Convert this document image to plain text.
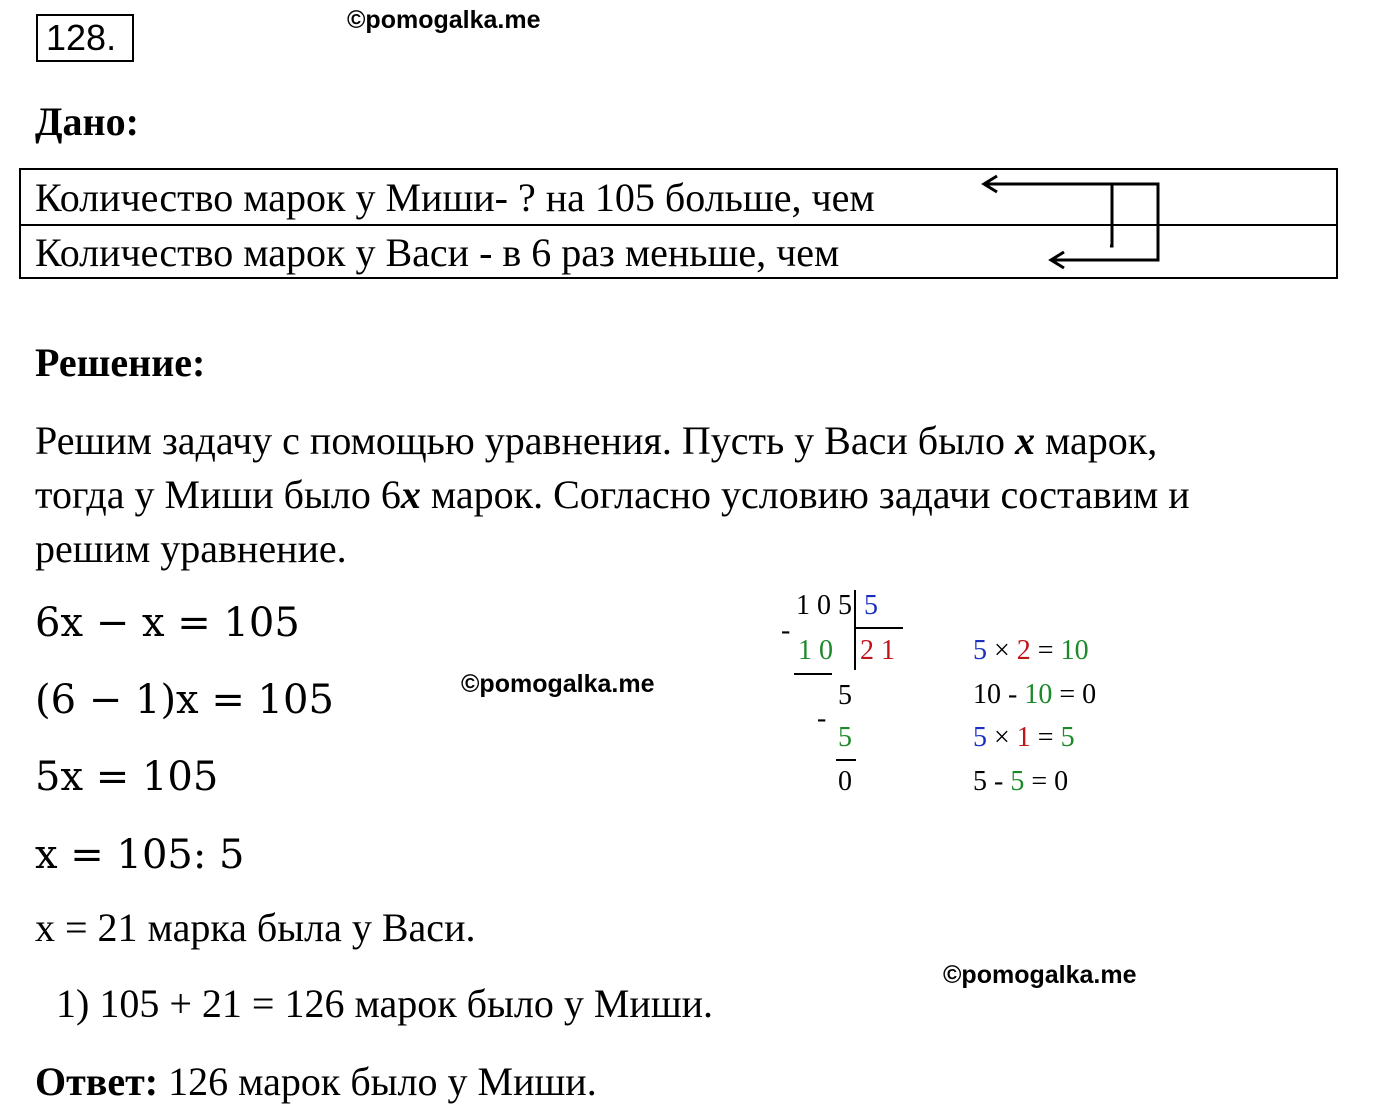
128.	©pomogalka.me
Дано:
Количество марок у Миши- ? на 105 больше, чем
Количество марок у Васи - в 6 раз меньше, чем
Решение:
Решим задачу с помощью уравнения. Пусть у Васи было x марок,
тогда у Миши было 6x марок. Согласно условию задачи составим и
решим уравнение.
6x − x = 105
(6 − 1)x = 105	©pomogalka.me
5x = 105
x = 105: 5
x = 21 марка была у Васи.
©pomogalka.me
1) 105 + 21 = 126 марок было у Миши.
Ответ: 126 марок было у Миши.
1 0 5 5
-
1 0 2 1
5
-
5
0
5 × 2 = 10
10 - 10 = 0
5 × 1 = 5
5 - 5 = 0
